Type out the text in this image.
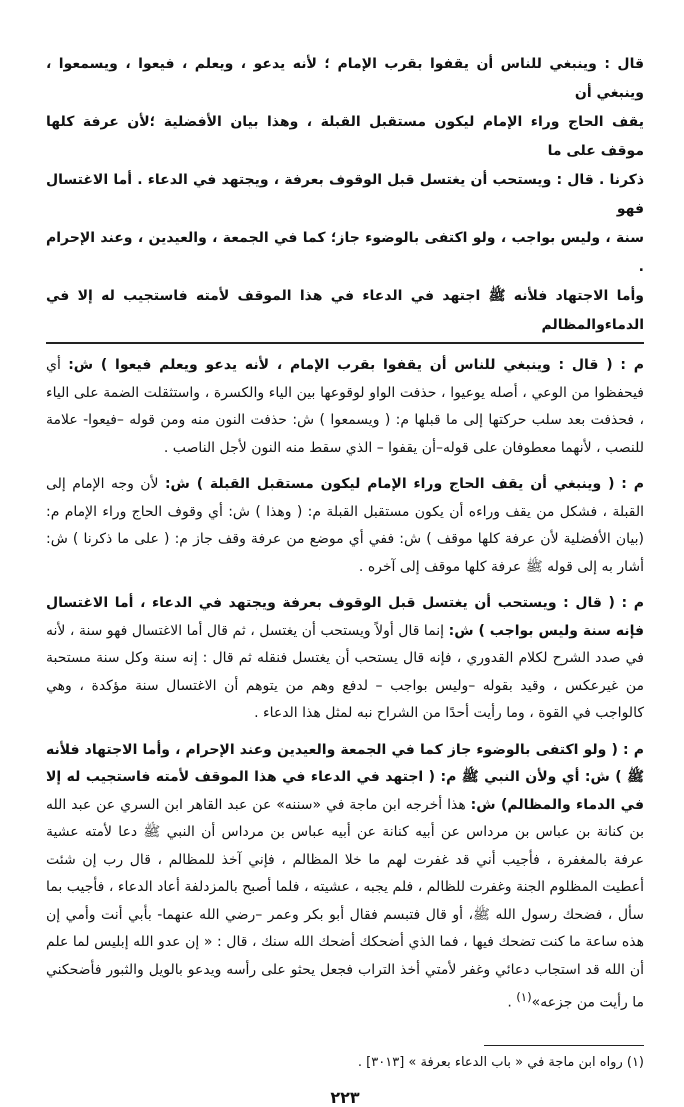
قال : وينبغي للناس أن يقفوا بقرب الإمام ؛ لأنه يدعو ، ويعلم ، فيعوا ، ويسمعوا ، وينبغي أن

يقف الحاج وراء الإمام ليكون مستقبل القبلة ، وهذا بيان الأفضلية ؛لأن عرفة كلها موقف على ما

ذكرنا . قال : ويستحب أن يغتسل قبل الوقوف بعرفة ، ويجتهد في الدعاء . أما الاغتسال فهو

سنة ، وليس بواجب ، ولو اكتفى بالوضوء جاز؛ كما في الجمعة ، والعيدين ، وعند الإحرام .

وأما الاجتهاد فلأنه ﷺ اجتهد في الدعاء في هذا الموقف لأمته فاستجيب له إلا في الدماءوالمظالم

م : ( قال : وينبغي للناس أن يقفوا بقرب الإمام ، لأنه يدعو ويعلم فيعوا ) ش: أي فيحفظوا من الوعي ، أصله يوعيوا ، حذفت الواو لوقوعها بين الياء والكسرة ، واستثقلت الضمة على الياء ، فحذفت بعد سلب حركتها إلى ما قبلها م: ( ويسمعوا ) ش: حذفت النون منه ومن قوله –فيعوا- علامة للنصب ، لأنهما معطوفان على قوله–أن يقفوا – الذي سقط منه النون لأجل الناصب .

م : ( وينبغي أن يقف الحاج وراء الإمام ليكون مستقبل القبلة ) ش: لأن وجه الإمام إلى القبلة ، فشكل من يقف وراءه أن يكون مستقبل القبلة م: ( وهذا ) ش: أي وقوف الحاج وراء الإمام م: (بيان الأفضلية لأن عرفة كلها موقف ) ش: ففي أي موضع من عرفة وقف جاز م: ( على ما ذكرنا ) ش: أشار به إلى قوله ﷺ عرفة كلها موقف إلى آخره .

م : ( قال : ويستحب أن يغتسل قبل الوقوف بعرفة ويجتهد في الدعاء ، أما الاغتسال فإنه سنة وليس بواجب ) ش: إنما قال أولاً ويستحب أن يغتسل ، ثم قال أما الاغتسال فهو سنة ، لأنه في صدد الشرح لكلام القدوري ، فإنه قال يستحب أن يغتسل فنقله ثم قال : إنه سنة وكل سنة مستحبة من غيرعكس ، وقيد بقوله –وليس بواجب – لدفع وهم من يتوهم أن الاغتسال سنة مؤكدة ، وهي كالواجب في القوة ، وما رأيت أحدًا من الشراح نبه لمثل هذا الدعاء .

م : ( ولو اكتفى بالوضوء جاز كما في الجمعة والعيدين وعند الإحرام ، وأما الاجتهاد فلأنه ﷺ ) ش: أي ولأن النبي ﷺ م: ( اجتهد في الدعاء في هذا الموقف لأمته فاستجيب له إلا في الدماء والمظالم) ش: هذا أخرجه ابن ماجة في «سننه» عن عبد القاهر ابن السري عن عبد الله بن كنانة بن عباس بن مرداس عن أبيه كنانة عن أبيه عباس بن مرداس أن النبي ﷺ دعا لأمته عشية عرفة بالمغفرة ، فأجيب أني قد غفرت لهم ما خلا المظالم ، فإني آخذ للمظالم ، قال رب إن شئت أعطيت المظلوم الجنة وغفرت للظالم ، فلم يجبه ، عشيته ، فلما أصبح بالمزدلفة أعاد الدعاء ، فأجيب بما سأل ، فضحك رسول الله ﷺ، أو قال فتبسم فقال أبو بكر وعمر –رضي الله عنهما- بأبي أنت وأمي إن هذه ساعة ما كنت تضحك فيها ، فما الذي أضحكك أضحك الله سنك ، قال : « إن عدو الله إبليس لما علم أن الله قد استجاب دعائي وغفر لأمتي أخذ التراب فجعل يحثو على رأسه ويدعو بالويل والثبور فأضحكني ما رأيت من جزعه»$^{(١)}$ .

(١) رواه ابن ماجة في « باب الدعاء بعرفة » [٣٠١٣] .
٢٢٣
